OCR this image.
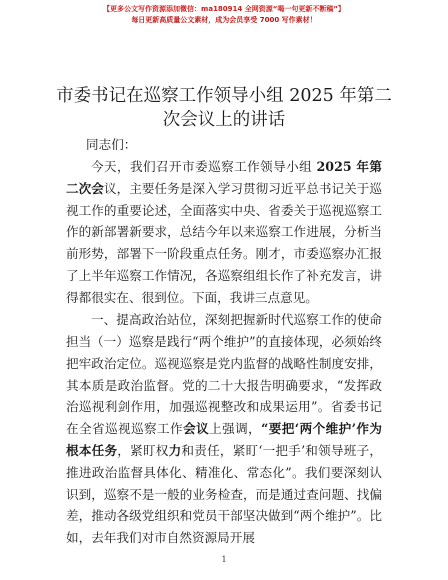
【更多公文写作资源添加微信：ma180914 全网资源“喝一句更新不断稿”】
每日更新高质量公文素材，成为会员享受 7000 写作素材！
市委书记在巡察工作领导小组 2025 年第二次会议上的讲话
同志们：
今天，我们召开市委巡察工作领导小组 2025 年第二次会议，主要任务是深入学习贯彻习近平总书记关于巡视工作的重要论述，全面落实中央、省委关于巡视巡察工作的新部署新要求，总结今年以来巡察工作进展，分析当前形势，部署下一阶段重点任务。刚才，市委巡察办汇报了上半年巡察工作情况，各巡察组组长作了补充发言，讲得都很实在、很到位。下面，我讲三点意见。
一、提高政治站位，深刻把握新时代巡察工作的使命担当 （一）巡察是践行“两个维护”的直接体现，必须始终把牢政治定位。巡视巡察是党内监督的战略性制度安排，其本质是政治监督。党的二十大报告明确要求，“发挥政治巡视利剑作用，加强巡视整改和成果运用”。省委书记在全省巡视巡察工作会议上强调，“要把‘两个维护’作为根本任务，紧盯权力和责任，紧盯‘一把手’和领导班子，推进政治监督具体化、精准化、常态化”。我们要深刻认识到，巡察不是一般的业务检查，而是通过查问题、找偏差，推动各级党组织和党员干部坚决做到“两个维护”。比如，去年我们对市自然资源局开展
1
